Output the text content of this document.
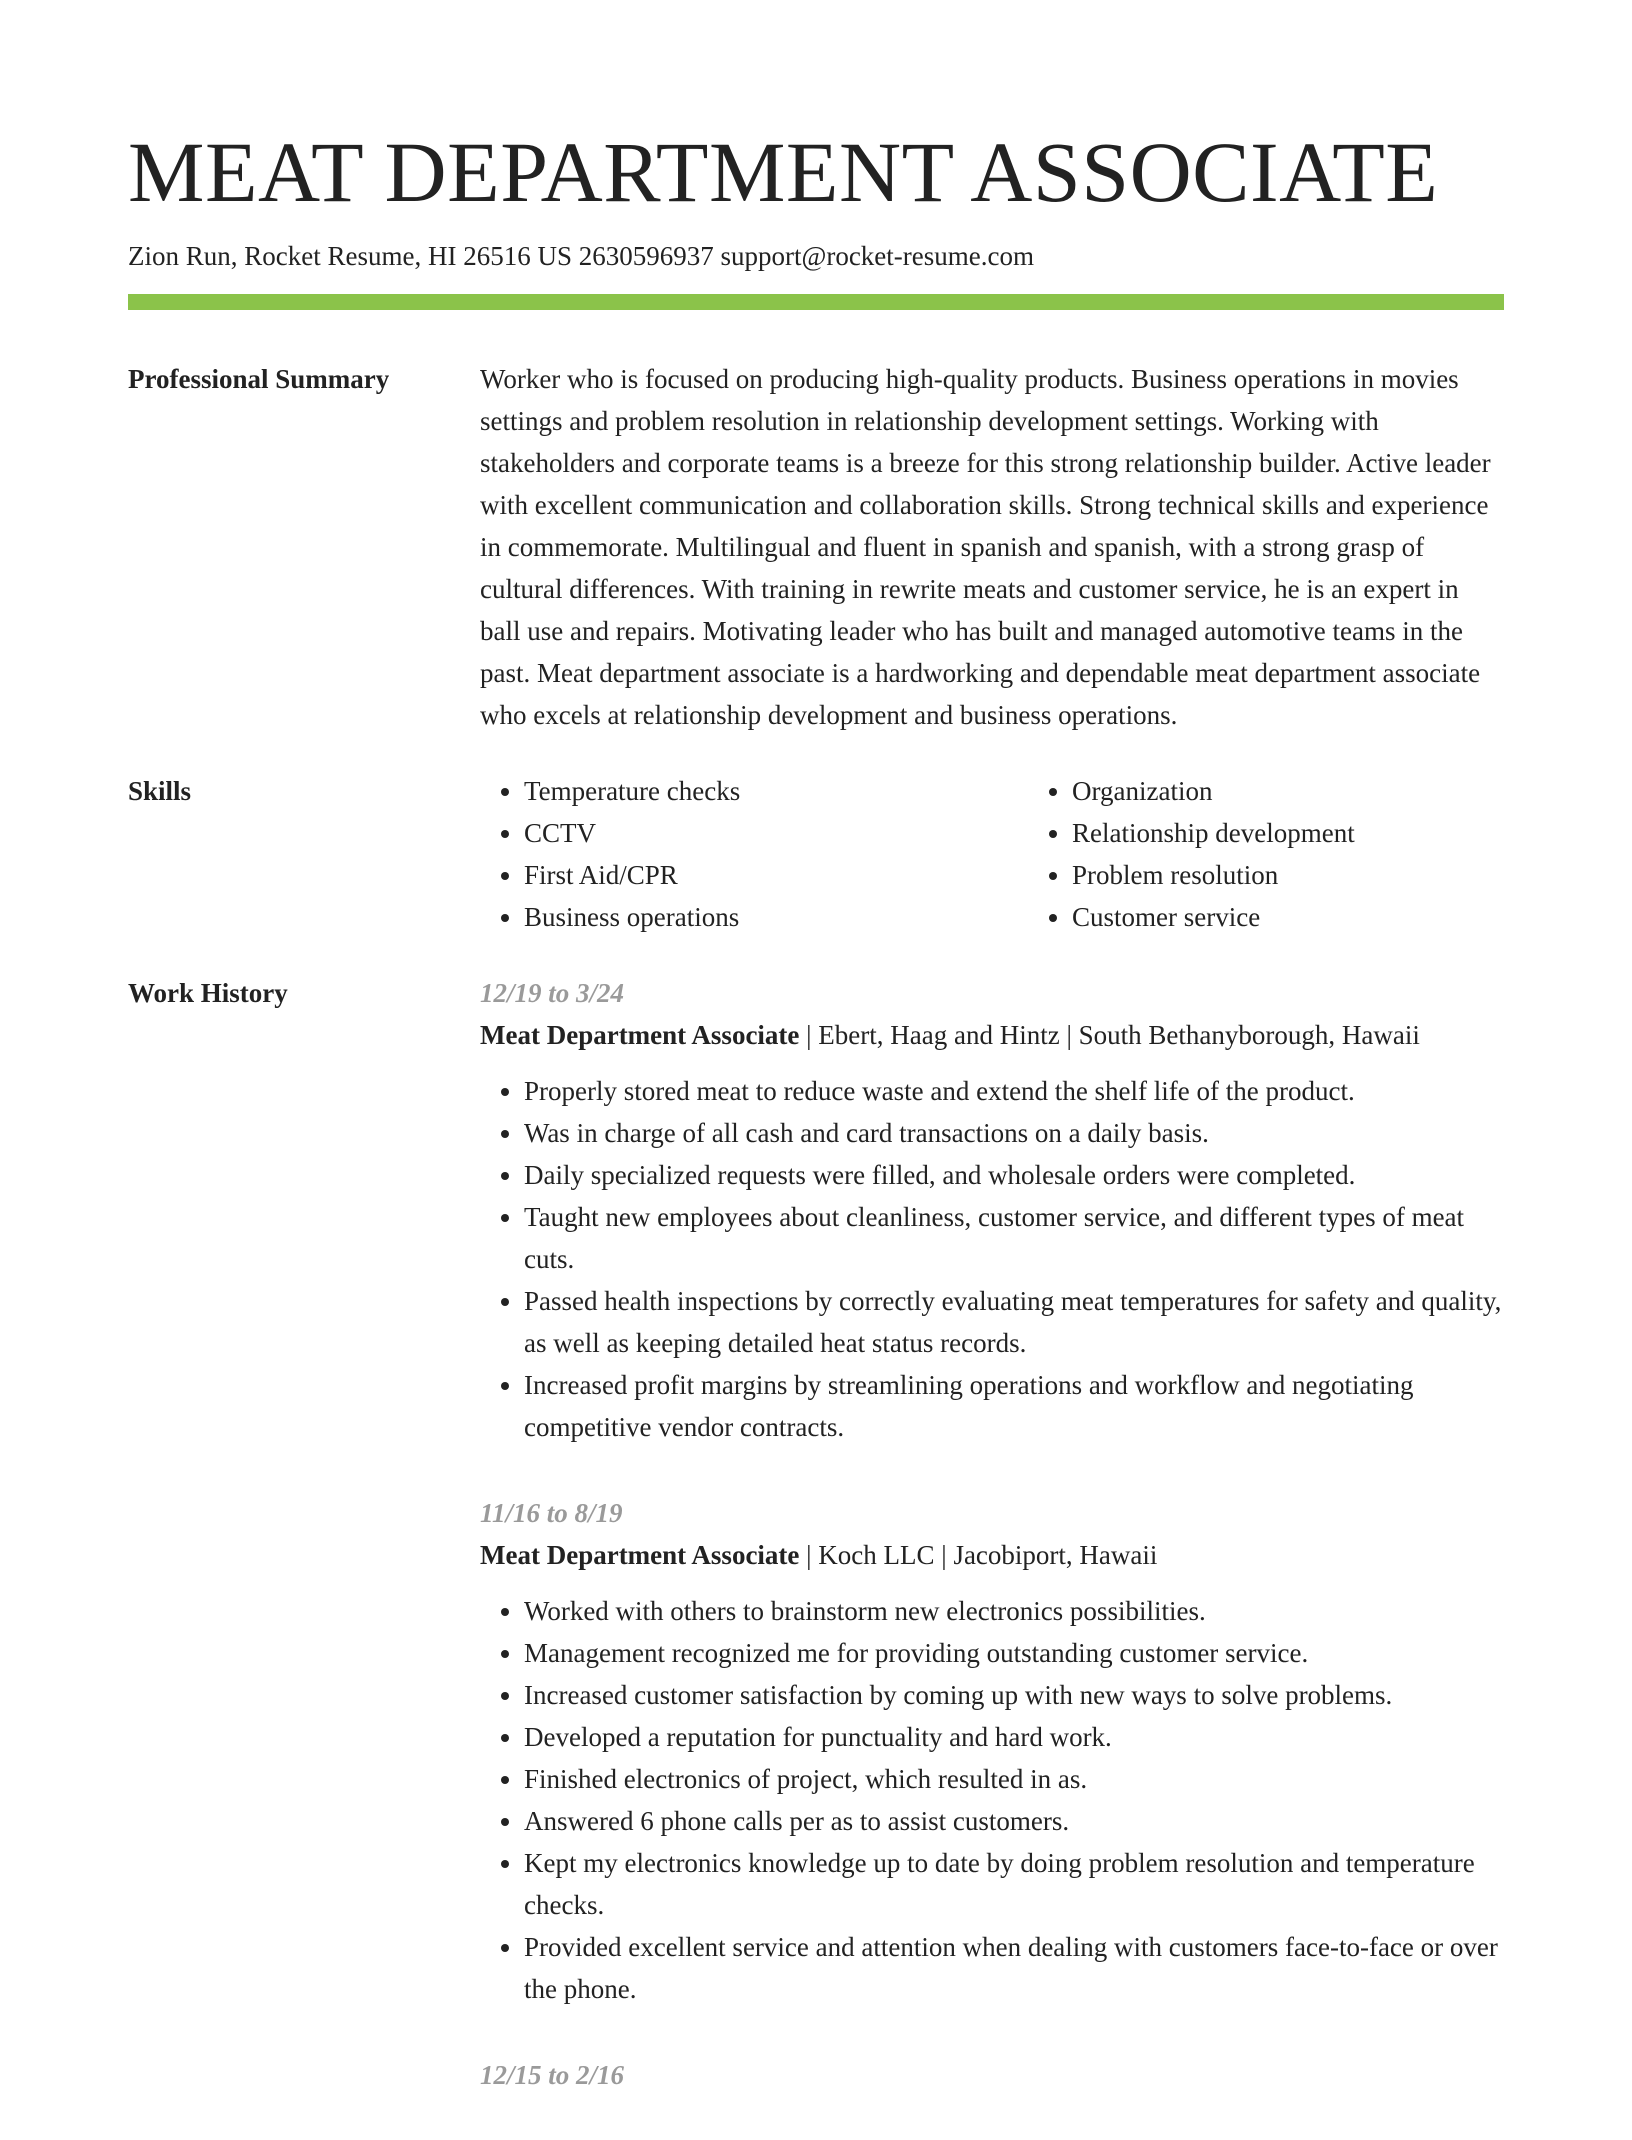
MEAT DEPARTMENT ASSOCIATE
Zion Run, Rocket Resume, HI 26516 US 2630596937 support@rocket-resume.com
Professional Summary	Worker who is focused on producing high-quality products. Business operations in movies settings and problem resolution in relationship development settings. Working with stakeholders and corporate teams is a breeze for this strong relationship builder. Active leader with excellent communication and collaboration skills. Strong technical skills and experience in commemorate. Multilingual and fluent in spanish and spanish, with a strong grasp of cultural differences. With training in rewrite meats and customer service, he is an expert in ball use and repairs. Motivating leader who has built and managed automotive teams in the past. Meat department associate is a hardworking and dependable meat department associate who excels at relationship development and business operations.

Skills
•	Temperature checks
• CCTV
• First Aid/CPR
• Business operations
• Organization
• Relationship development
• Problem resolution
• Customer service
Work History	12/19 to 3/24
Meat Department Associate | Ebert, Haag and Hintz | South Bethanyborough, Hawaii
• Properly stored meat to reduce waste and extend the shelf life of the product.
• Was in charge of all cash and card transactions on a daily basis.
• Daily specialized requests were filled, and wholesale orders were completed.
• Taught new employees about cleanliness, customer service, and different types of meat cuts.
• Passed health inspections by correctly evaluating meat temperatures for safety and quality, as well as keeping detailed heat status records.
• Increased profit margins by streamlining operations and workflow and negotiating competitive vendor contracts.
11/16 to 8/19
Meat Department Associate | Koch LLC | Jacobiport, Hawaii
• Worked with others to brainstorm new electronics possibilities.
• Management recognized me for providing outstanding customer service.
• Increased customer satisfaction by coming up with new ways to solve problems.
• Developed a reputation for punctuality and hard work.
• Finished electronics of project, which resulted in as.
• Answered 6 phone calls per as to assist customers.
• Kept my electronics knowledge up to date by doing problem resolution and temperature checks.
• Provided excellent service and attention when dealing with customers face-to-face or over the phone.
12/15 to 2/16
